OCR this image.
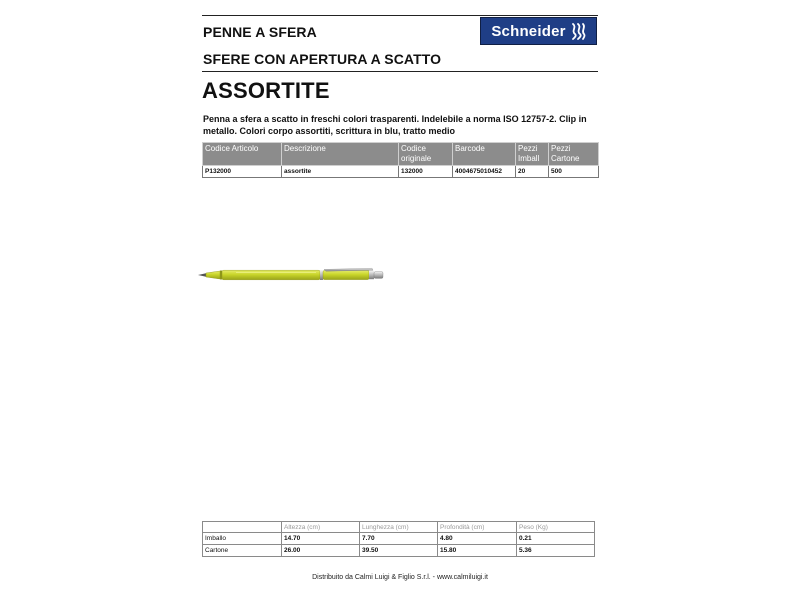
PENNE A SFERA	Schneider
SFERE CON APERTURA A SCATTO
ASSORTITE
Penna a sfera a scatto in freschi colori trasparenti. Indelebile a norma ISO 12757-2. Clip in metallo. Colori corpo assortiti, scrittura in blu, tratto medio
Codice Articolo	Descrizione	Codice originale	Barcode	Pezzi Imball	Pezzi Cartone
P132000	assortite	132000	4004675010452	20	500
	Altezza (cm)	Lunghezza (cm)	Profondità (cm)	Peso (Kg)
Imballo	14.70	7.70	4.80	0.21
Cartone	26.00	39.50	15.80	5.36
Distribuito da Calmi Luigi & Figlio S.r.l. - www.calmiluigi.it
